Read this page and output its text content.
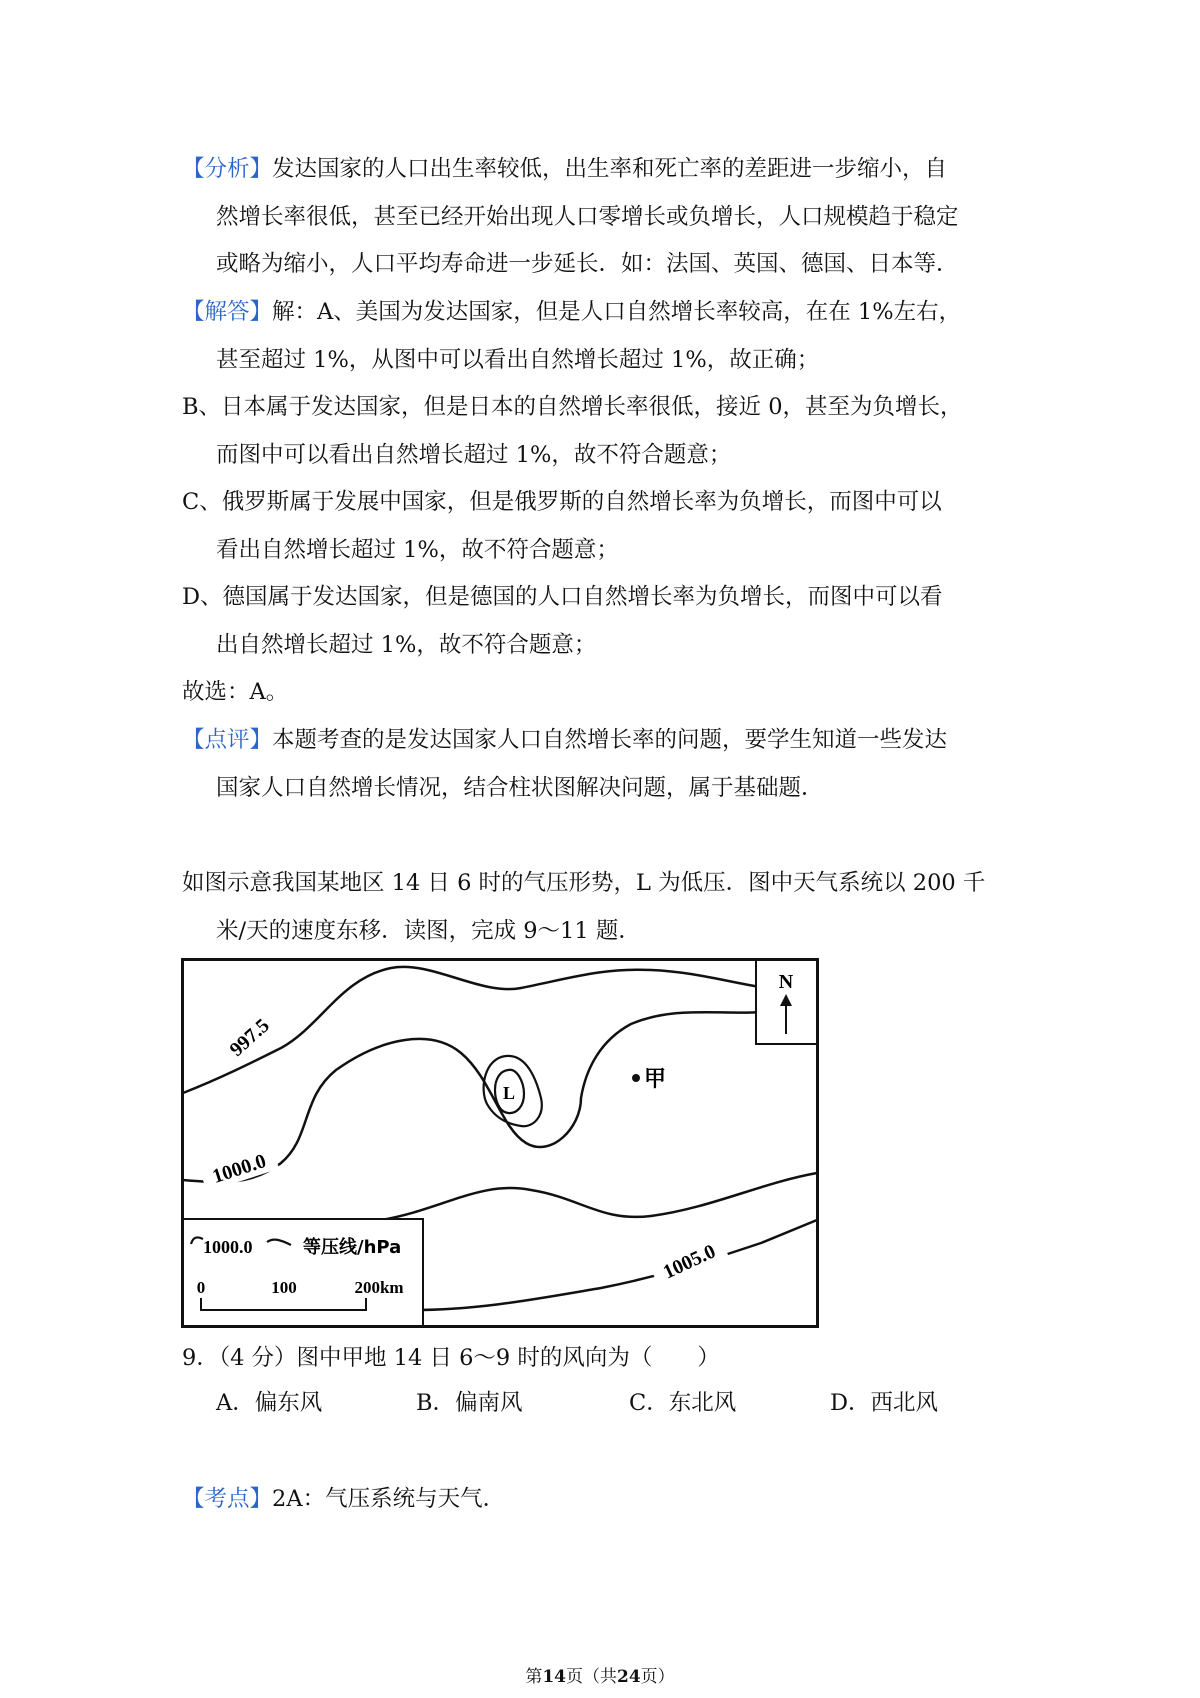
【分析】发达国家的人口出生率较低，出生率和死亡率的差距进一步缩小，自
然增长率很低，甚至已经开始出现人口零增长或负增长，人口规模趋于稳定
或略为缩小，人口平均寿命进一步延长．如：法国、英国、德国、日本等．
【解答】解：A、美国为发达国家，但是人口自然增长率较高，在在 1%左右，
甚至超过 1%，从图中可以看出自然增长超过 1%，故正确；
B、日本属于发达国家，但是日本的自然增长率很低，接近 0，甚至为负增长，
而图中可以看出自然增长超过 1%，故不符合题意；
C、俄罗斯属于发展中国家，但是俄罗斯的自然增长率为负增长，而图中可以
看出自然增长超过 1%，故不符合题意；
D、德国属于发达国家，但是德国的人口自然增长率为负增长，而图中可以看
出自然增长超过 1%，故不符合题意；
故选：A。
【点评】本题考查的是发达国家人口自然增长率的问题，要学生知道一些发达
国家人口自然增长情况，结合柱状图解决问题，属于基础题．
如图示意我国某地区 14 日 6 时的气压形势，L 为低压．图中天气系统以 200 千
米/天的速度东移．读图，完成 9～11 题．
L
甲
997.5
1000.0
1005.0
N
1000.0	等压线/hPa
0	100	200km
9．（4 分）图中甲地 14 日 6～9 时的风向为（　　）
A．偏东风	B．偏南风	C．东北风	D．西北风
【考点】2A：气压系统与天气．
第14页（共24页）
